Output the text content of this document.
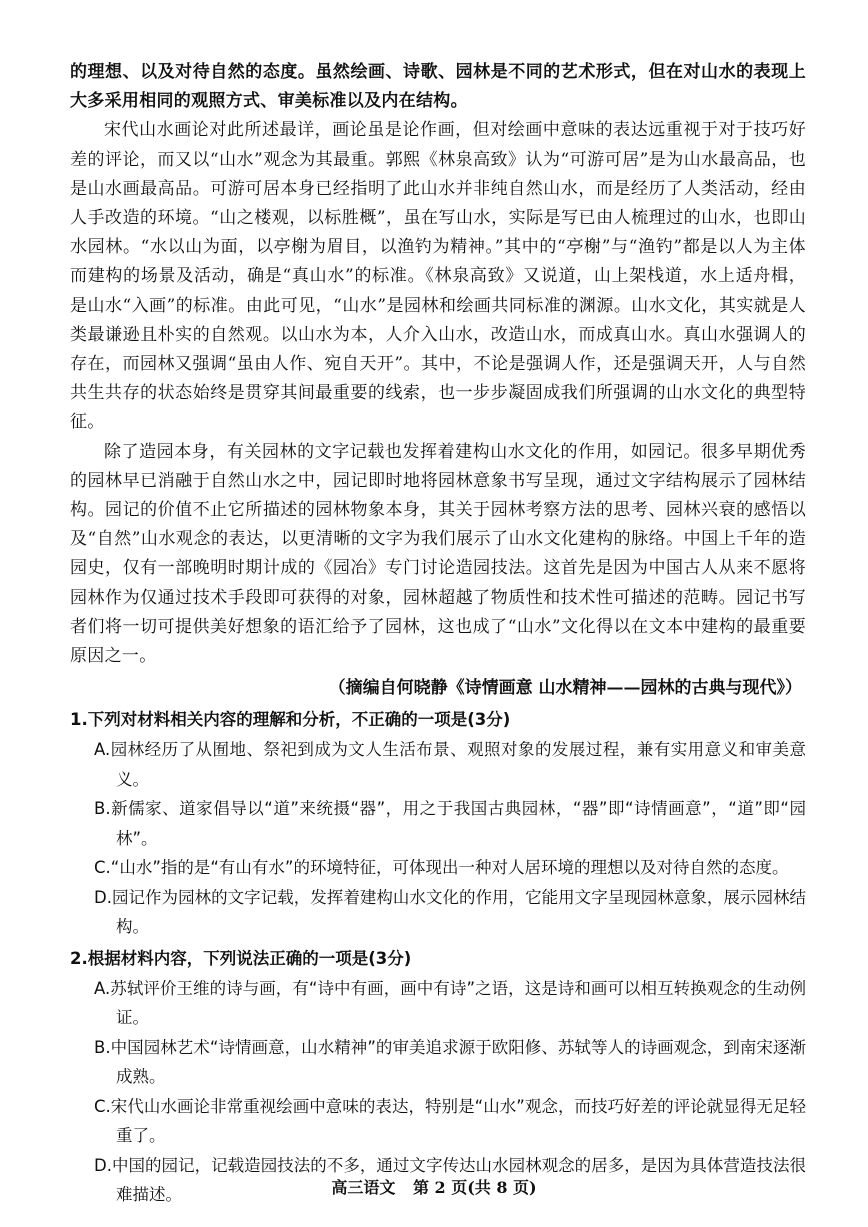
的理想、以及对待自然的态度。虽然绘画、诗歌、园林是不同的艺术形式，但在对山水的表现上大多采用相同的观照方式、审美标准以及内在结构。

宋代山水画论对此所述最详，画论虽是论作画，但对绘画中意味的表达远重视于对于技巧好差的评论，而又以“山水”观念为其最重。郭熙《林泉高致》认为“可游可居”是为山水最高品，也是山水画最高品。可游可居本身已经指明了此山水并非纯自然山水，而是经历了人类活动，经由人手改造的环境。“山之楼观，以标胜概”，虽在写山水，实际是写已由人梳理过的山水，也即山水园林。“水以山为面，以亭榭为眉目，以渔钓为精神。”其中的“亭榭”与“渔钓”都是以人为主体而建构的场景及活动，确是“真山水”的标准。《林泉高致》又说道，山上架栈道，水上适舟楫，是山水“入画”的标准。由此可见，“山水”是园林和绘画共同标准的渊源。山水文化，其实就是人类最谦逊且朴实的自然观。以山水为本，人介入山水，改造山水，而成真山水。真山水强调人的存在，而园林又强调“虽由人作、宛自天开”。其中，不论是强调人作，还是强调天开，人与自然共生共存的状态始终是贯穿其间最重要的线索，也一步步凝固成我们所强调的山水文化的典型特征。

除了造园本身，有关园林的文字记载也发挥着建构山水文化的作用，如园记。很多早期优秀的园林早已消融于自然山水之中，园记即时地将园林意象书写呈现，通过文字结构展示了园林结构。园记的价值不止它所描述的园林物象本身，其关于园林考察方法的思考、园林兴衰的感悟以及“自然”山水观念的表达，以更清晰的文字为我们展示了山水文化建构的脉络。中国上千年的造园史，仅有一部晚明时期计成的《园冶》专门讨论造园技法。这首先是因为中国古人从来不愿将园林作为仅通过技术手段即可获得的对象，园林超越了物质性和技术性可描述的范畴。园记书写者们将一切可提供美好想象的语汇给予了园林，这也成了“山水”文化得以在文本中建构的最重要原因之一。

（摘编自何晓静《诗情画意 山水精神——园林的古典与现代》）

1.下列对材料相关内容的理解和分析，不正确的一项是(3分)

A.园林经历了从囿地、祭祀到成为文人生活布景、观照对象的发展过程，兼有实用意义和审美意义。

B.新儒家、道家倡导以“道”来统摄“器”，用之于我国古典园林，“器”即“诗情画意”，“道”即“园林”。

C.“山水”指的是“有山有水”的环境特征，可体现出一种对人居环境的理想以及对待自然的态度。

D.园记作为园林的文字记载，发挥着建构山水文化的作用，它能用文字呈现园林意象，展示园林结构。

2.根据材料内容，下列说法正确的一项是(3分)

A.苏轼评价王维的诗与画，有“诗中有画，画中有诗”之语，这是诗和画可以相互转换观念的生动例证。

B.中国园林艺术“诗情画意，山水精神”的审美追求源于欧阳修、苏轼等人的诗画观念，到南宋逐渐成熟。

C.宋代山水画论非常重视绘画中意味的表达，特别是“山水”观念，而技巧好差的评论就显得无足轻重了。

D.中国的园记，记载造园技法的不多，通过文字传达山水园林观念的居多，是因为具体营造技法很难描述。	高三语文 第 2 页(共 8 页)
